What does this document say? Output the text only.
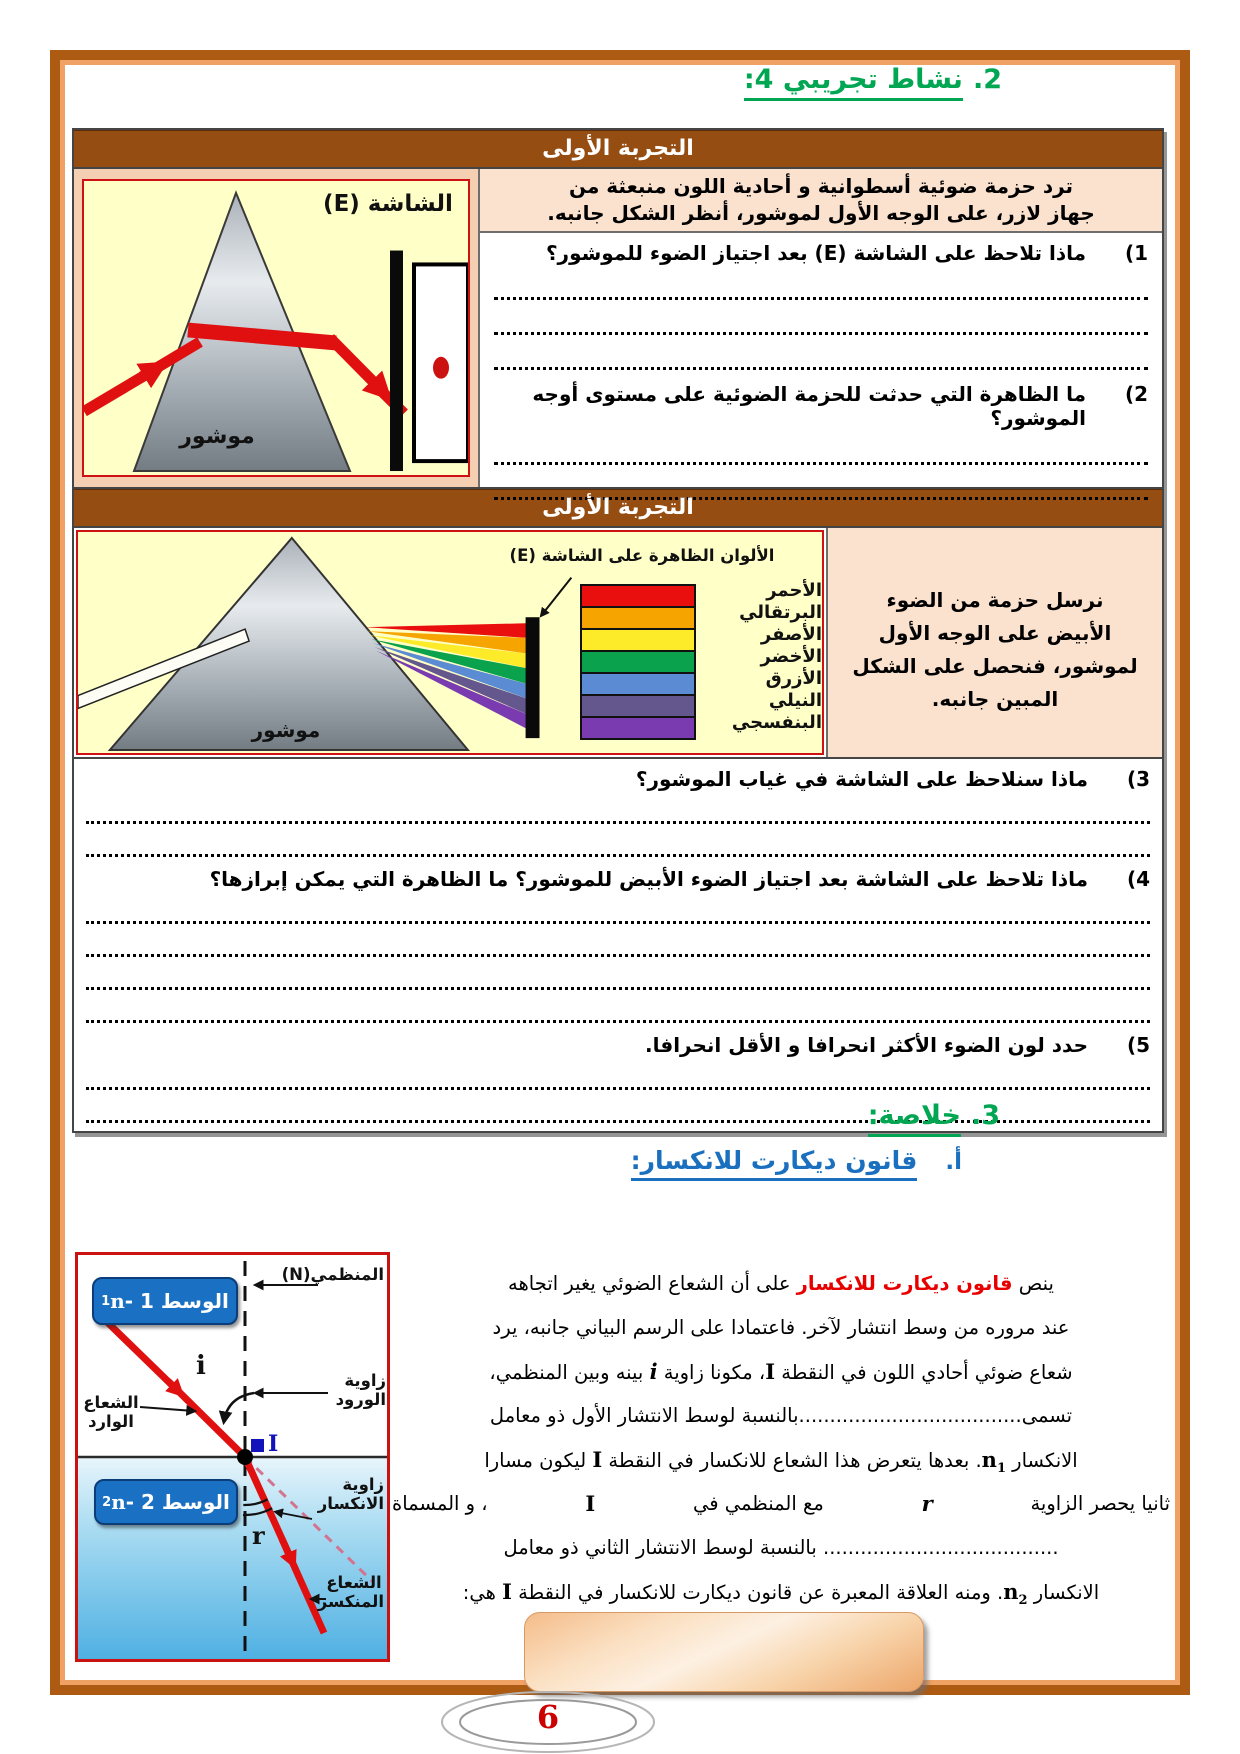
2.نشاط تجريبي 4:
التجربة الأولى
ترد حزمة ضوئية أسطوانية و أحادية اللون منبعثة من
جهاز لازر، على الوجه الأول لموشور، أنظر الشكل جانبه.
1)
ماذا تلاحظ على الشاشة (E) بعد اجتياز الضوء للموشور؟
2)
ما الظاهرة التي حدثت للحزمة الضوئية على مستوى أوجه الموشور؟
الشاشة (E)
موشور
التجربة الأولى
نرسل حزمة من الضوء
الأبيض على الوجه الأول
لموشور، فنحصل على الشكل
المبين جانبه.
الألوان الظاهرة على الشاشة (E)
موشور
الأحمر
البرتقالي
الأصفر
الأخضر
الأزرق
النيلي
البنفسجي
3)
ماذا سنلاحظ على الشاشة في غياب الموشور؟
4)
ماذا تلاحظ على الشاشة بعد اجتياز الضوء الأبيض للموشور؟ ما الظاهرة التي يمكن إبرازها؟
5)
حدد لون الضوء الأكثر انحرافا و الأقل انحرافا.
3.خلاصة:
أ.قانون ديكارت للانكسار:
ينص قانون ديكارت للانكسار على أن الشعاع الضوئي يغير اتجاهه
عند مروره من وسط انتشار لآخر. فاعتمادا على الرسم البياني جانبه، يرد
شعاع ضوئي أحادي اللون في النقطة I، مكونا زاوية i بينه وبين المنظمي،
تسمى....................................بالنسبة لوسط الانتشار الأول ذو معامل
الانكسار $n_1$. بعدها يتعرض هذا الشعاع للانكسار في النقطة I ليكون مسارا
ثانيا يحصر الزاوية
r
مع المنظمي في
I
، و المسماة
...................................... بالنسبة لوسط الانتشار الثاني ذو معامل
الانكسار $n_2$. ومنه العلاقة المعبرة عن قانون ديكارت للانكسار في النقطة I هي:
الوسط 1 -
n
1
الوسط 2 -
n
2
المنظمي(N)
زاوية الورود
الشعاع
الوارد
زاوية
الانكسار
الشعاع
المنكسر
i
I
r
6
